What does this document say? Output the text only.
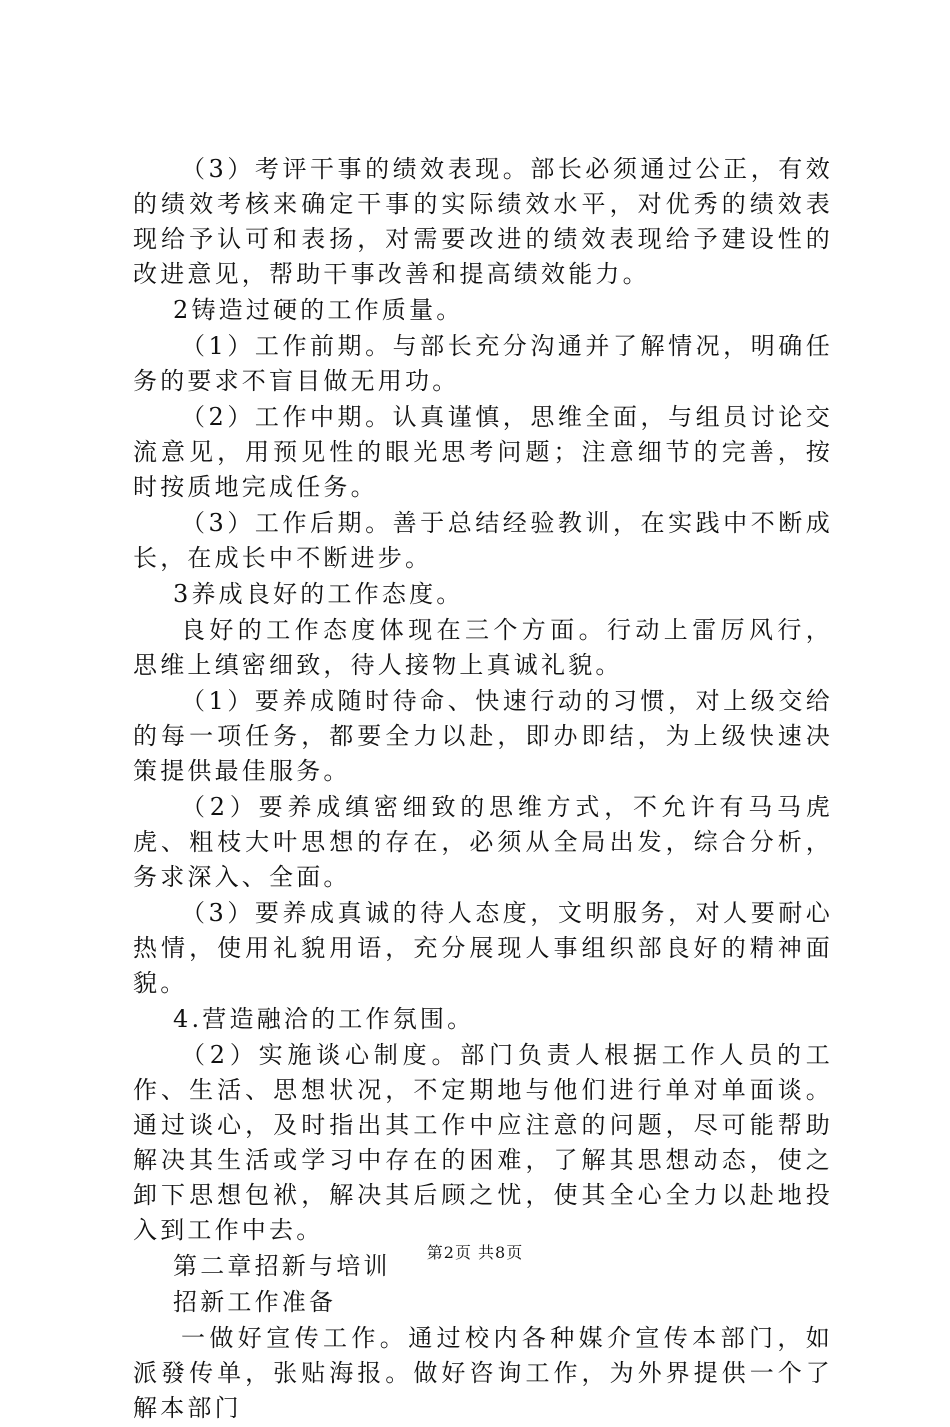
（3）考评干事的绩效表现。部长必须通过公正，有效的绩效考核来确定干事的实际绩效水平，对优秀的绩效表现给予认可和表扬，对需要改进的绩效表现给予建设性的改进意见，帮助干事改善和提高绩效能力。

2铸造过硬的工作质量。

（1）工作前期。与部长充分沟通并了解情况，明确任务的要求不盲目做无用功。

（2）工作中期。认真谨慎，思维全面，与组员讨论交流意见，用预见性的眼光思考问题；注意细节的完善，按时按质地完成任务。

（3）工作后期。善于总结经验教训，在实践中不断成长，在成长中不断进步。

3养成良好的工作态度。

良好的工作态度体现在三个方面。行动上雷厉风行，思维上缜密细致，待人接物上真诚礼貌。

（1）要养成随时待命、快速行动的习惯，对上级交给的每一项任务，都要全力以赴，即办即结，为上级快速决策提供最佳服务。

（2）要养成缜密细致的思维方式，不允许有马马虎虎、粗枝大叶思想的存在，必须从全局出发，综合分析，务求深入、全面。

（3）要养成真诚的待人态度，文明服务，对人要耐心热情，使用礼貌用语，充分展现人事组织部良好的精神面貌。

4.营造融洽的工作氛围。

（2）实施谈心制度。部门负责人根据工作人员的工作、生活、思想状况，不定期地与他们进行单对单面谈。通过谈心，及时指出其工作中应注意的问题，尽可能帮助解决其生活或学习中存在的困难，了解其思想动态，使之卸下思想包袱，解决其后顾之忧，使其全心全力以赴地投入到工作中去。

第二章招新与培训

招新工作准备

一做好宣传工作。通过校内各种媒介宣传本部门，如派發传单，张贴海报。做好咨询工作，为外界提供一个了解本部门

第2页 共8页
